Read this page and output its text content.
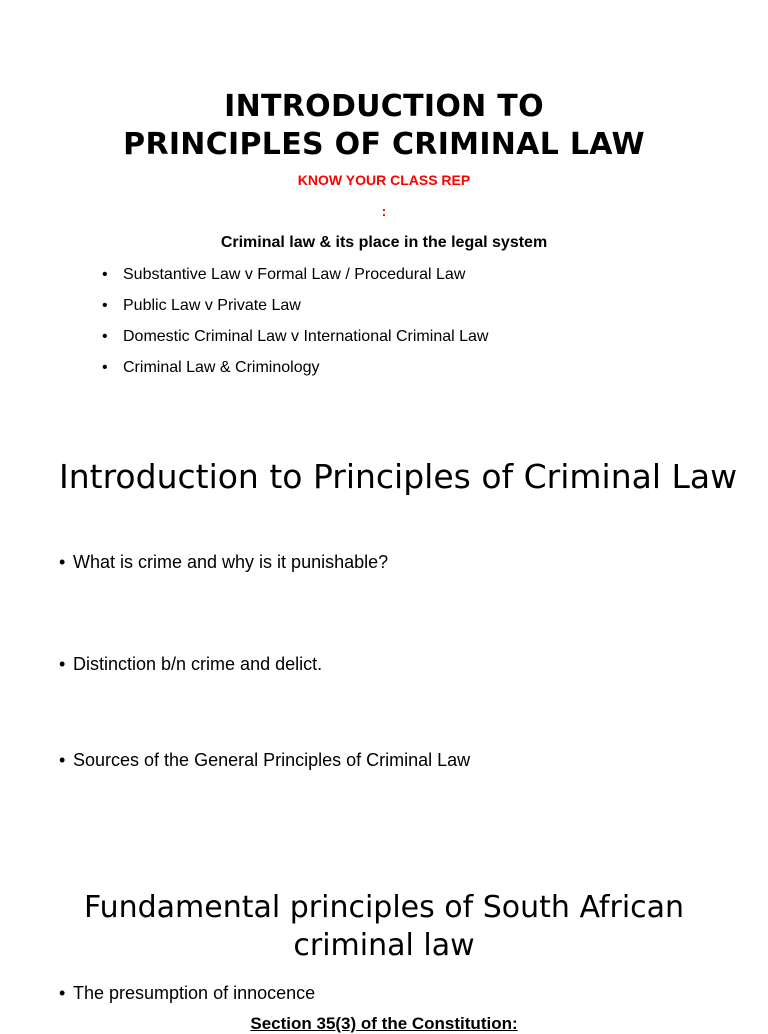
INTRODUCTION TO
PRINCIPLES OF CRIMINAL LAW
KNOW YOUR CLASS REP
:
Criminal law & its place in the legal system
• Substantive Law v Formal Law / Procedural Law
• Public Law v Private Law
• Domestic Criminal Law v International Criminal Law
• Criminal Law & Criminology
Introduction to Principles of Criminal Law
• What is crime and why is it punishable?
• Distinction b/n crime and delict.
• Sources of the General Principles of Criminal Law
Fundamental principles of South African
criminal law
• The presumption of innocence
Section 35(3) of the Constitution:
